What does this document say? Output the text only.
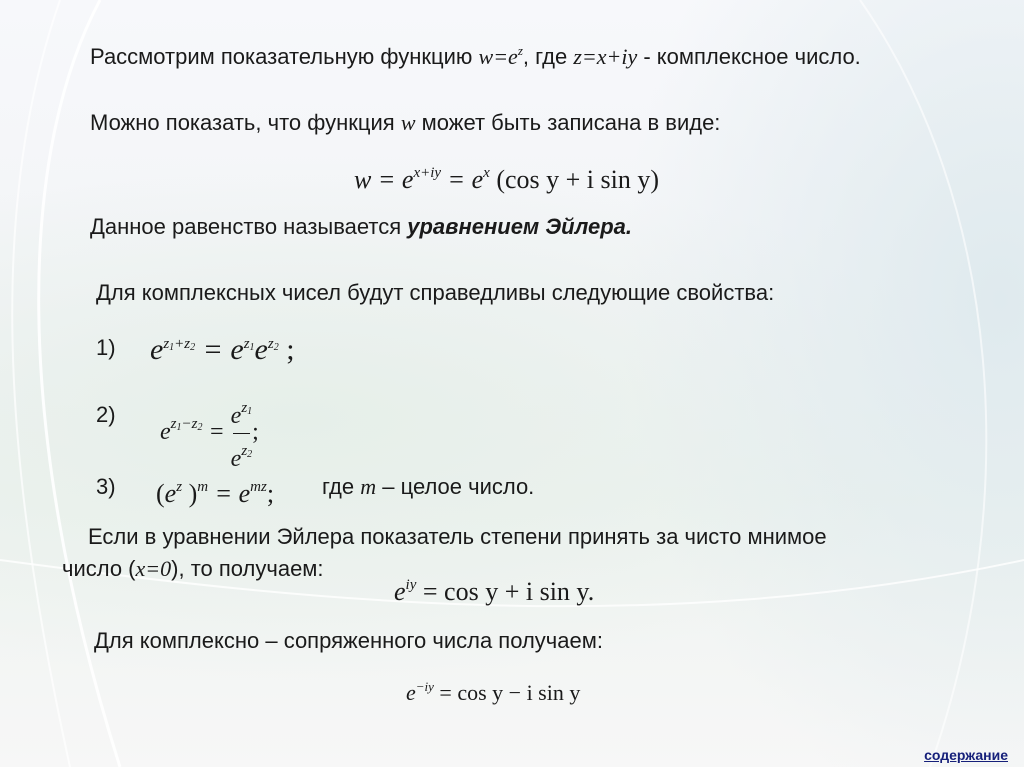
Рассмотрим показательную функцию $w=e^z$, где z=x+iy - комплексное число.
Можно показать, что функция w может быть записана в виде:
$w = e^{x+iy} = e^x$ (cos y + i sin y)
Данное равенство называется уравнением Эйлера.
Для комплексных чисел будут справедливы следующие свойства:
1) $e^{z_1+z_2} = e^{z_1}e^{z_2}$ ;
2)
$e^{z_1-z_2} = \frac{e^{z_1}}{e^{z_2}}$ ;
3) ($e^z$ )$^m = e^{mz}$; где m – целое число.
Если в уравнении Эйлера показатель степени принять за чисто мнимое
число (x=0), то получаем:
$e^{iy} = \cos y + i$ sin y.
Для комплексно – сопряженного числа получаем:
$e^{-iy} = \cos y - i$ sin y
содержание
